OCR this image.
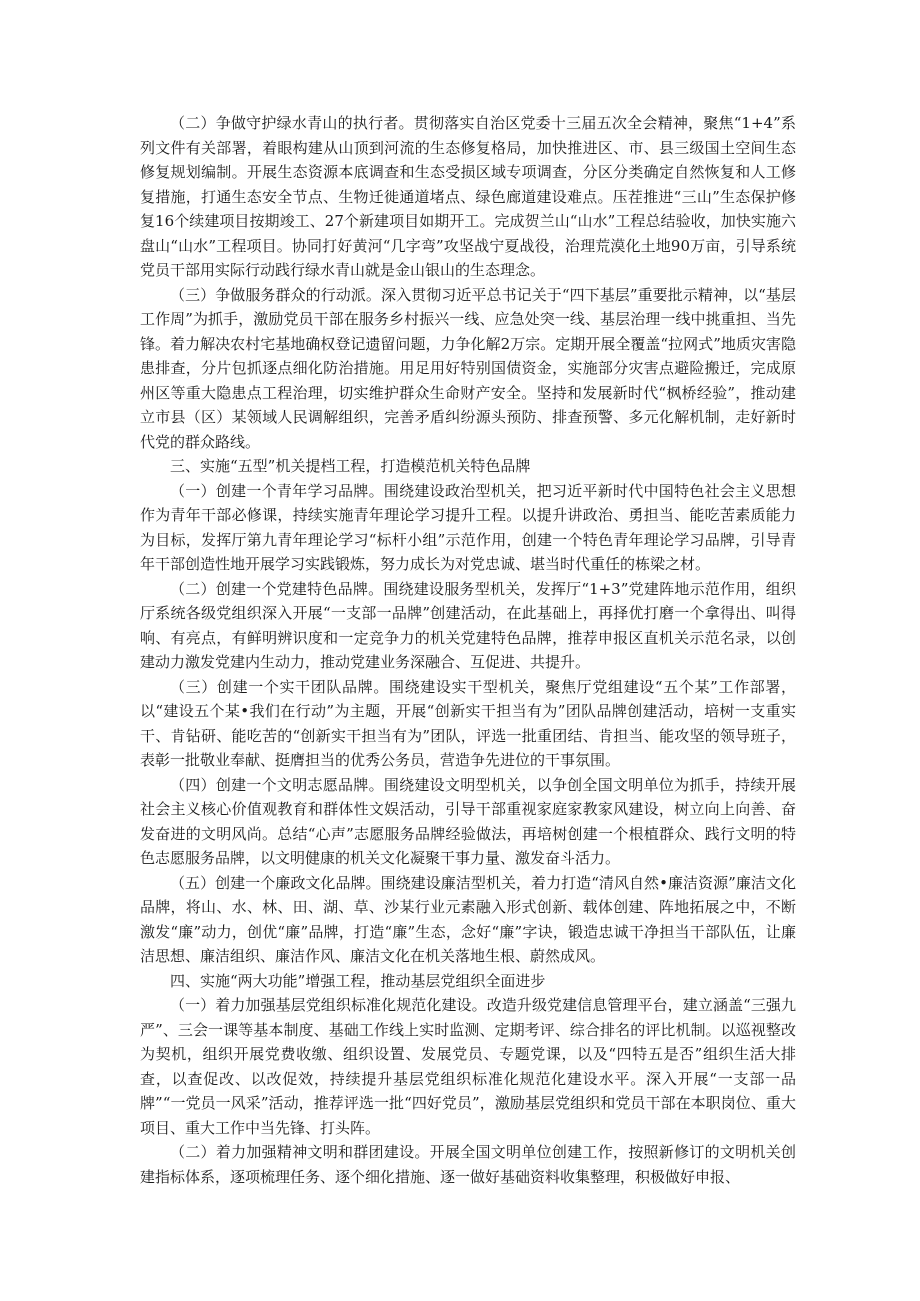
（二）争做守护绿水青山的执行者。贯彻落实自治区党委十三届五次全会精神，聚焦“1+4”系列文件有关部署，着眼构建从山顶到河流的生态修复格局，加快推进区、市、县三级国土空间生态修复规划编制。开展生态资源本底调查和生态受损区域专项调查，分区分类确定自然恢复和人工修复措施，打通生态安全节点、生物迁徙通道堵点、绿色廊道建设难点。压茬推进“三山”生态保护修复16个续建项目按期竣工、27个新建项目如期开工。完成贺兰山“山水”工程总结验收，加快实施六盘山“山水”工程项目。协同打好黄河“几字弯”攻坚战宁夏战役，治理荒漠化土地90万亩，引导系统党员干部用实际行动践行绿水青山就是金山银山的生态理念。

（三）争做服务群众的行动派。深入贯彻习近平总书记关于“四下基层”重要批示精神，以“基层工作周”为抓手，激励党员干部在服务乡村振兴一线、应急处突一线、基层治理一线中挑重担、当先锋。着力解决农村宅基地确权登记遗留问题，力争化解2万宗。定期开展全覆盖“拉网式”地质灾害隐患排查，分片包抓逐点细化防治措施。用足用好特别国债资金，实施部分灾害点避险搬迁，完成原州区等重大隐患点工程治理，切实维护群众生命财产安全。坚持和发展新时代“枫桥经验”，推动建立市县（区）某领域人民调解组织，完善矛盾纠纷源头预防、排查预警、多元化解机制，走好新时代党的群众路线。

三、实施“五型”机关提档工程，打造模范机关特色品牌

（一）创建一个青年学习品牌。围绕建设政治型机关，把习近平新时代中国特色社会主义思想作为青年干部必修课，持续实施青年理论学习提升工程。以提升讲政治、勇担当、能吃苦素质能力为目标，发挥厅第九青年理论学习“标杆小组”示范作用，创建一个特色青年理论学习品牌，引导青年干部创造性地开展学习实践锻炼，努力成长为对党忠诚、堪当时代重任的栋梁之材。

（二）创建一个党建特色品牌。围绕建设服务型机关，发挥厅“1+3”党建阵地示范作用，组织厅系统各级党组织深入开展“一支部一品牌”创建活动，在此基础上，再择优打磨一个拿得出、叫得响、有亮点，有鲜明辨识度和一定竞争力的机关党建特色品牌，推荐申报区直机关示范名录，以创建动力激发党建内生动力，推动党建业务深融合、互促进、共提升。

（三）创建一个实干团队品牌。围绕建设实干型机关，聚焦厅党组建设“五个某”工作部署，以“建设五个某•我们在行动”为主题，开展“创新实干担当有为”团队品牌创建活动，培树一支重实干、肯钻研、能吃苦的“创新实干担当有为”团队，评选一批重团结、肯担当、能攻坚的领导班子，表彰一批敬业奉献、挺膺担当的优秀公务员，营造争先进位的干事氛围。

（四）创建一个文明志愿品牌。围绕建设文明型机关，以争创全国文明单位为抓手，持续开展社会主义核心价值观教育和群体性文娱活动，引导干部重视家庭家教家风建设，树立向上向善、奋发奋进的文明风尚。总结“心声”志愿服务品牌经验做法，再培树创建一个根植群众、践行文明的特色志愿服务品牌，以文明健康的机关文化凝聚干事力量、激发奋斗活力。

（五）创建一个廉政文化品牌。围绕建设廉洁型机关，着力打造“清风自然•廉洁资源”廉洁文化品牌，将山、水、林、田、湖、草、沙某行业元素融入形式创新、载体创建、阵地拓展之中，不断激发“廉”动力，创优“廉”品牌，打造“廉”生态，念好“廉”字诀，锻造忠诚干净担当干部队伍，让廉洁思想、廉洁组织、廉洁作风、廉洁文化在机关落地生根、蔚然成风。

四、实施“两大功能”增强工程，推动基层党组织全面进步

（一）着力加强基层党组织标准化规范化建设。改造升级党建信息管理平台，建立涵盖“三强九严”、三会一课等基本制度、基础工作线上实时监测、定期考评、综合排名的评比机制。以巡视整改为契机，组织开展党费收缴、组织设置、发展党员、专题党课，以及“四特五是否”组织生活大排查，以查促改、以改促效，持续提升基层党组织标准化规范化建设水平。深入开展“一支部一品牌”“一党员一风采”活动，推荐评选一批“四好党员”，激励基层党组织和党员干部在本职岗位、重大项目、重大工作中当先锋、打头阵。

（二）着力加强精神文明和群团建设。开展全国文明单位创建工作，按照新修订的文明机关创建指标体系，逐项梳理任务、逐个细化措施、逐一做好基础资料收集整理，积极做好申报、
